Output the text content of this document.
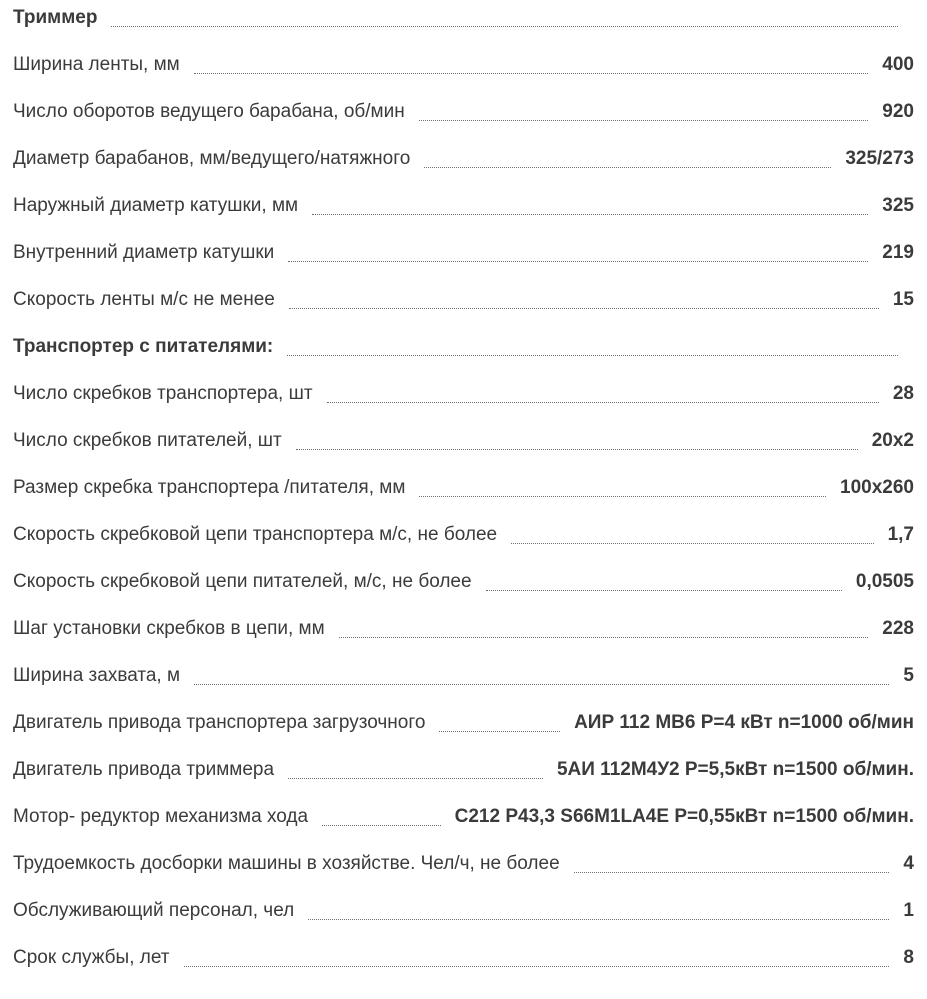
Триммер
Ширина ленты, мм	400
Число оборотов ведущего барабана, об/мин	920
Диаметр барабанов, мм/ведущего/натяжного	325/273
Наружный диаметр катушки, мм	325
Внутренний диаметр катушки	219
Скорость ленты м/с не менее	15
Транспортер с питателями:
Число скребков транспортера, шт	28
Число скребков питателей, шт	20х2
Размер скребка транспортера /питателя, мм	100х260
Скорость скребковой цепи транспортера м/с, не более	1,7
Скорость скребковой цепи питателей, м/с, не более	0,0505
Шаг установки скребков в цепи, мм	228
Ширина захвата, м	5
Двигатель привода транспортера загрузочного	АИР 112 МВ6 Р=4 кВт n=1000 об/мин
Двигатель привода триммера	5АИ 112М4У2 Р=5,5кВт n=1500 об/мин.
Мотор- редуктор механизма хода	С212 Р43,3 S66M1LA4E Р=0,55кВт n=1500 об/мин.
Трудоемкость досборки машины в хозяйстве. Чел/ч, не более	4
Обслуживающий персонал, чел	1
Срок службы, лет	8
